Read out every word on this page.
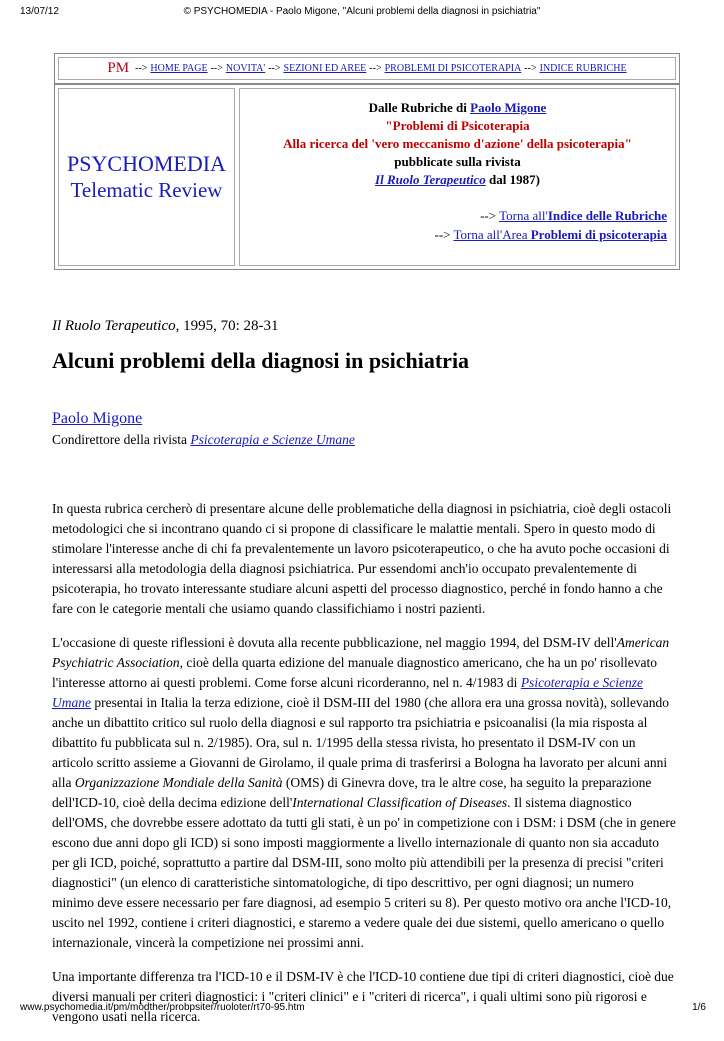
13/07/12	© PSYCHOMEDIA - Paolo Migone, "Alcuni problemi della diagnosi in psichiatria"
PM --> HOME PAGE --> NOVITA' --> SEZIONI ED AREE --> PROBLEMI DI PSICOTERAPIA --> INDICE RUBRICHE
PSYCHOMEDIA
Telematic Review
Dalle Rubriche di Paolo Migone
"Problemi di Psicoterapia
Alla ricerca del 'vero meccanismo d'azione' della psicoterapia"
pubblicate sulla rivista
Il Ruolo Terapeutico dal 1987)
--> Torna all'Indice delle Rubriche
--> Torna all'Area Problemi di psicoterapia
Il Ruolo Terapeutico, 1995, 70: 28-31
Alcuni problemi della diagnosi in psichiatria
Paolo Migone
Condirettore della rivista Psicoterapia e Scienze Umane

In questa rubrica cercherò di presentare alcune delle problematiche della diagnosi in psichiatria, cioè degli ostacoli metodologici che si incontrano quando ci si propone di classificare le malattie mentali. Spero in questo modo di stimolare l'interesse anche di chi fa prevalentemente un lavoro psicoterapeutico, o che ha avuto poche occasioni di interessarsi alla metodologia della diagnosi psichiatrica. Pur essendomi anch'io occupato prevalentemente di psicoterapia, ho trovato interessante studiare alcuni aspetti del processo diagnostico, perché in fondo hanno a che fare con le categorie mentali che usiamo quando classifichiamo i nostri pazienti.

L'occasione di queste riflessioni è dovuta alla recente pubblicazione, nel maggio 1994, del DSM-IV dell'American Psychiatric Association, cioè della quarta edizione del manuale diagnostico americano, che ha un po' risollevato l'interesse attorno ai questi problemi. Come forse alcuni ricorderanno, nel n. 4/1983 di Psicoterapia e Scienze Umane presentai in Italia la terza edizione, cioè il DSM-III del 1980 (che allora era una grossa novità), sollevando anche un dibattito critico sul ruolo della diagnosi e sul rapporto tra psichiatria e psicoanalisi (la mia risposta al dibattito fu pubblicata sul n. 2/1985). Ora, sul n. 1/1995 della stessa rivista, ho presentato il DSM-IV con un articolo scritto assieme a Giovanni de Girolamo, il quale prima di trasferirsi a Bologna ha lavorato per alcuni anni alla Organizzazione Mondiale della Sanità (OMS) di Ginevra dove, tra le altre cose, ha seguito la preparazione dell'ICD-10, cioè della decima edizione dell'International Classification of Diseases. Il sistema diagnostico dell'OMS, che dovrebbe essere adottato da tutti gli stati, è un po' in competizione con i DSM: i DSM (che in genere escono due anni dopo gli ICD) si sono imposti maggiormente a livello internazionale di quanto non sia accaduto per gli ICD, poiché, soprattutto a partire dal DSM-III, sono molto più attendibili per la presenza di precisi "criteri diagnostici" (un elenco di caratteristiche sintomatologiche, di tipo descrittivo, per ogni diagnosi; un numero minimo deve essere necessario per fare diagnosi, ad esempio 5 criteri su 8). Per questo motivo ora anche l'ICD-10, uscito nel 1992, contiene i criteri diagnostici, e staremo a vedere quale dei due sistemi, quello americano o quello internazionale, vincerà la competizione nei prossimi anni.

Una importante differenza tra l'ICD-10 e il DSM-IV è che l'ICD-10 contiene due tipi di criteri diagnostici, cioè due diversi manuali per criteri diagnostici: i "criteri clinici" e i "criteri di ricerca", i quali ultimi sono più rigorosi e vengono usati nella ricerca.

www.psychomedia.it/pm/modther/probpsiter/ruoloter/rt70-95.htm	1/6
